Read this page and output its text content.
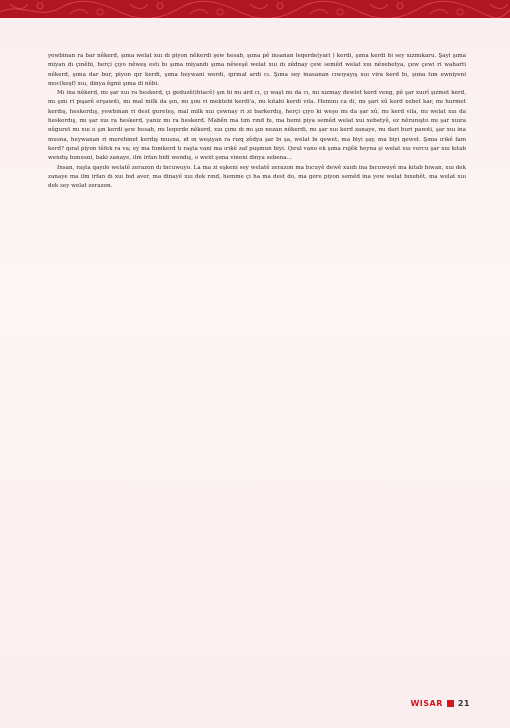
yewbinan ra bar nêkerd, şıma welat xuı dı piyon nêkerdi şew hesab, şıma pê insanan leqerde(yari ) kerdi, şıma kerdi bi sey xızmıkaru. Şayi şıma miyan dı çınêbi, herçi çıyo nêweş estı bı şıma miyandı şıma nêweşê welat xuı dı zêdnay çew semêd welat xuı nêxebetya, çew çewi ri waharti nêkerd, şıma dar bur, piyon qır kerdi, şıma heywani werdi, qırmal ardi cı. Şıma sey inasanan cıwıyayış xuı vira kerd bı, şıma tım ewniyeni moc(keşf) xuı, dinya êgmi şıma di nêbi.

Mı ina nêkerd, mı şar xuı ra heskerd, çı geduzê(ihtacê) şın bi mı ard cı, çı waşt mı da cı, mı xızmay dewlet kerd veng, pê şar xuırî şızmet kerd, mı şını ri pışarê erşawıti, mı mal milk da şın, mı şını ri mektebi kerdi'a, mı kıtabi kerdi vıla. Hemını ca di, mı şari xû kerd xebet kar, mı hurmet kerdış, heskerdış, yewbinan ri dest gureteş, mal milk xuı çewnay ri zi barkerdış, herçi çıyo ki weşo mı da şar xû, mı kerd vila, mı welat xuı da heskerdış, mı şar xuı ra heskerd, yaniz mı ra heskerd. Mabên ma tım rınd bı, ma hemi piya semêd welat xuı xebetyê, ez nêrunışto mı şar xuıra nêguret mı xuı o şın kerdi şew hesab, mı leqerde nêkerd, xuı çımı dı mı şın nezan nêkerdi, mı şar xuı kerd zanaye, mı dari buri pawıti, şar xuı ina musna, heywanan ri merehmet kerdış musna, ıd ın weşiyan ra rızq zêdya şar bı şa, welat bı qewet, ma biyi şay, ma biyi qewet. Şıma ırıkê fam kerd? qıral piyon têfek ra va; ey ma fumkerd tı raşta vani ma ırıkê zaf puşmun biyi. Qıral vano ek şıma rujêk heyna şi welat xuı vercu şar xuı kıtab wendış bımusni, baki zanaye, ilm irfan bidi wendış, o wext şıma vineni dinya sebena...

Insan, raşta qayılo welatê zerazon dı bıcuwuyo. La ma zi eşkeni sey welatê zerazon ma bıcuyê dewê xuıdı ina bıcuwuyê ma kıtab bıwan, xuı dek zanaye ma ilm irfan dı xuı bıd aver, ma dinayê xuı dek rınd, hemme çi ha ma dest do, ma gere piyon semêd ina yew welat bıxebêt, ma welat xuı dek sey welat zerazon.

WISAR 21
